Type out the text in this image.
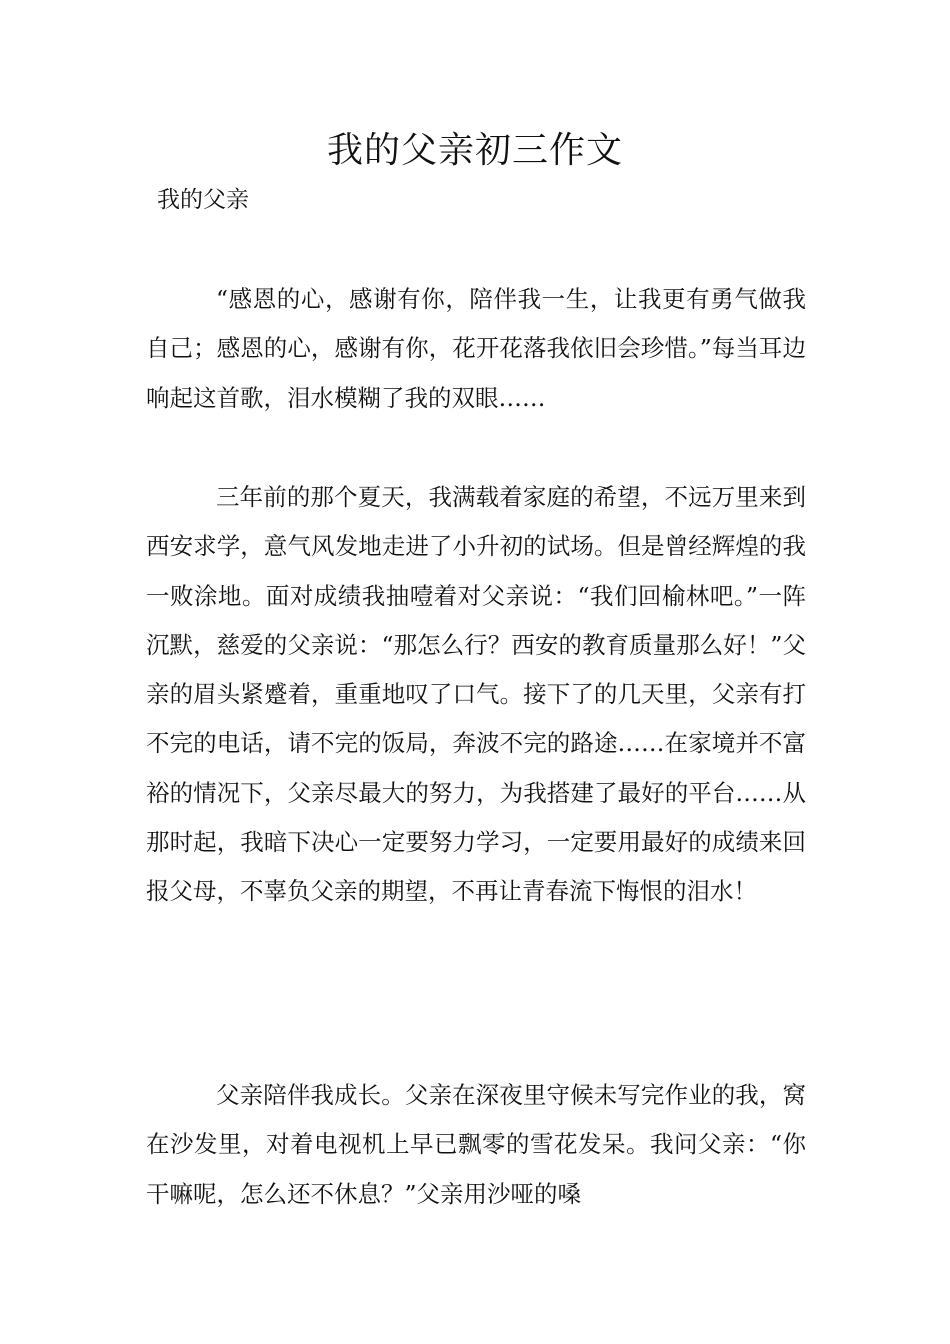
我的父亲初三作文

我的父亲

“感恩的心，感谢有你，陪伴我一生，让我更有勇气做我自己；感恩的心，感谢有你，花开花落我依旧会珍惜。”每当耳边响起这首歌，泪水模糊了我的双眼……

三年前的那个夏天，我满载着家庭的希望，不远万里来到西安求学，意气风发地走进了小升初的试场。但是曾经辉煌的我一败涂地。面对成绩我抽噎着对父亲说：“我们回榆林吧。”一阵沉默，慈爱的父亲说：“那怎么行？西安的教育质量那么好！”父亲的眉头紧蹙着，重重地叹了口气。接下了的几天里，父亲有打不完的电话，请不完的饭局，奔波不完的路途……在家境并不富裕的情况下，父亲尽最大的努力，为我搭建了最好的平台……从那时起，我暗下决心一定要努力学习，一定要用最好的成绩来回报父母，不辜负父亲的期望，不再让青春流下悔恨的泪水！

父亲陪伴我成长。父亲在深夜里守候未写完作业的我，窝在沙发里，对着电视机上早已飘零的雪花发呆。我问父亲：“你干嘛呢，怎么还不休息？”父亲用沙哑的嗓
